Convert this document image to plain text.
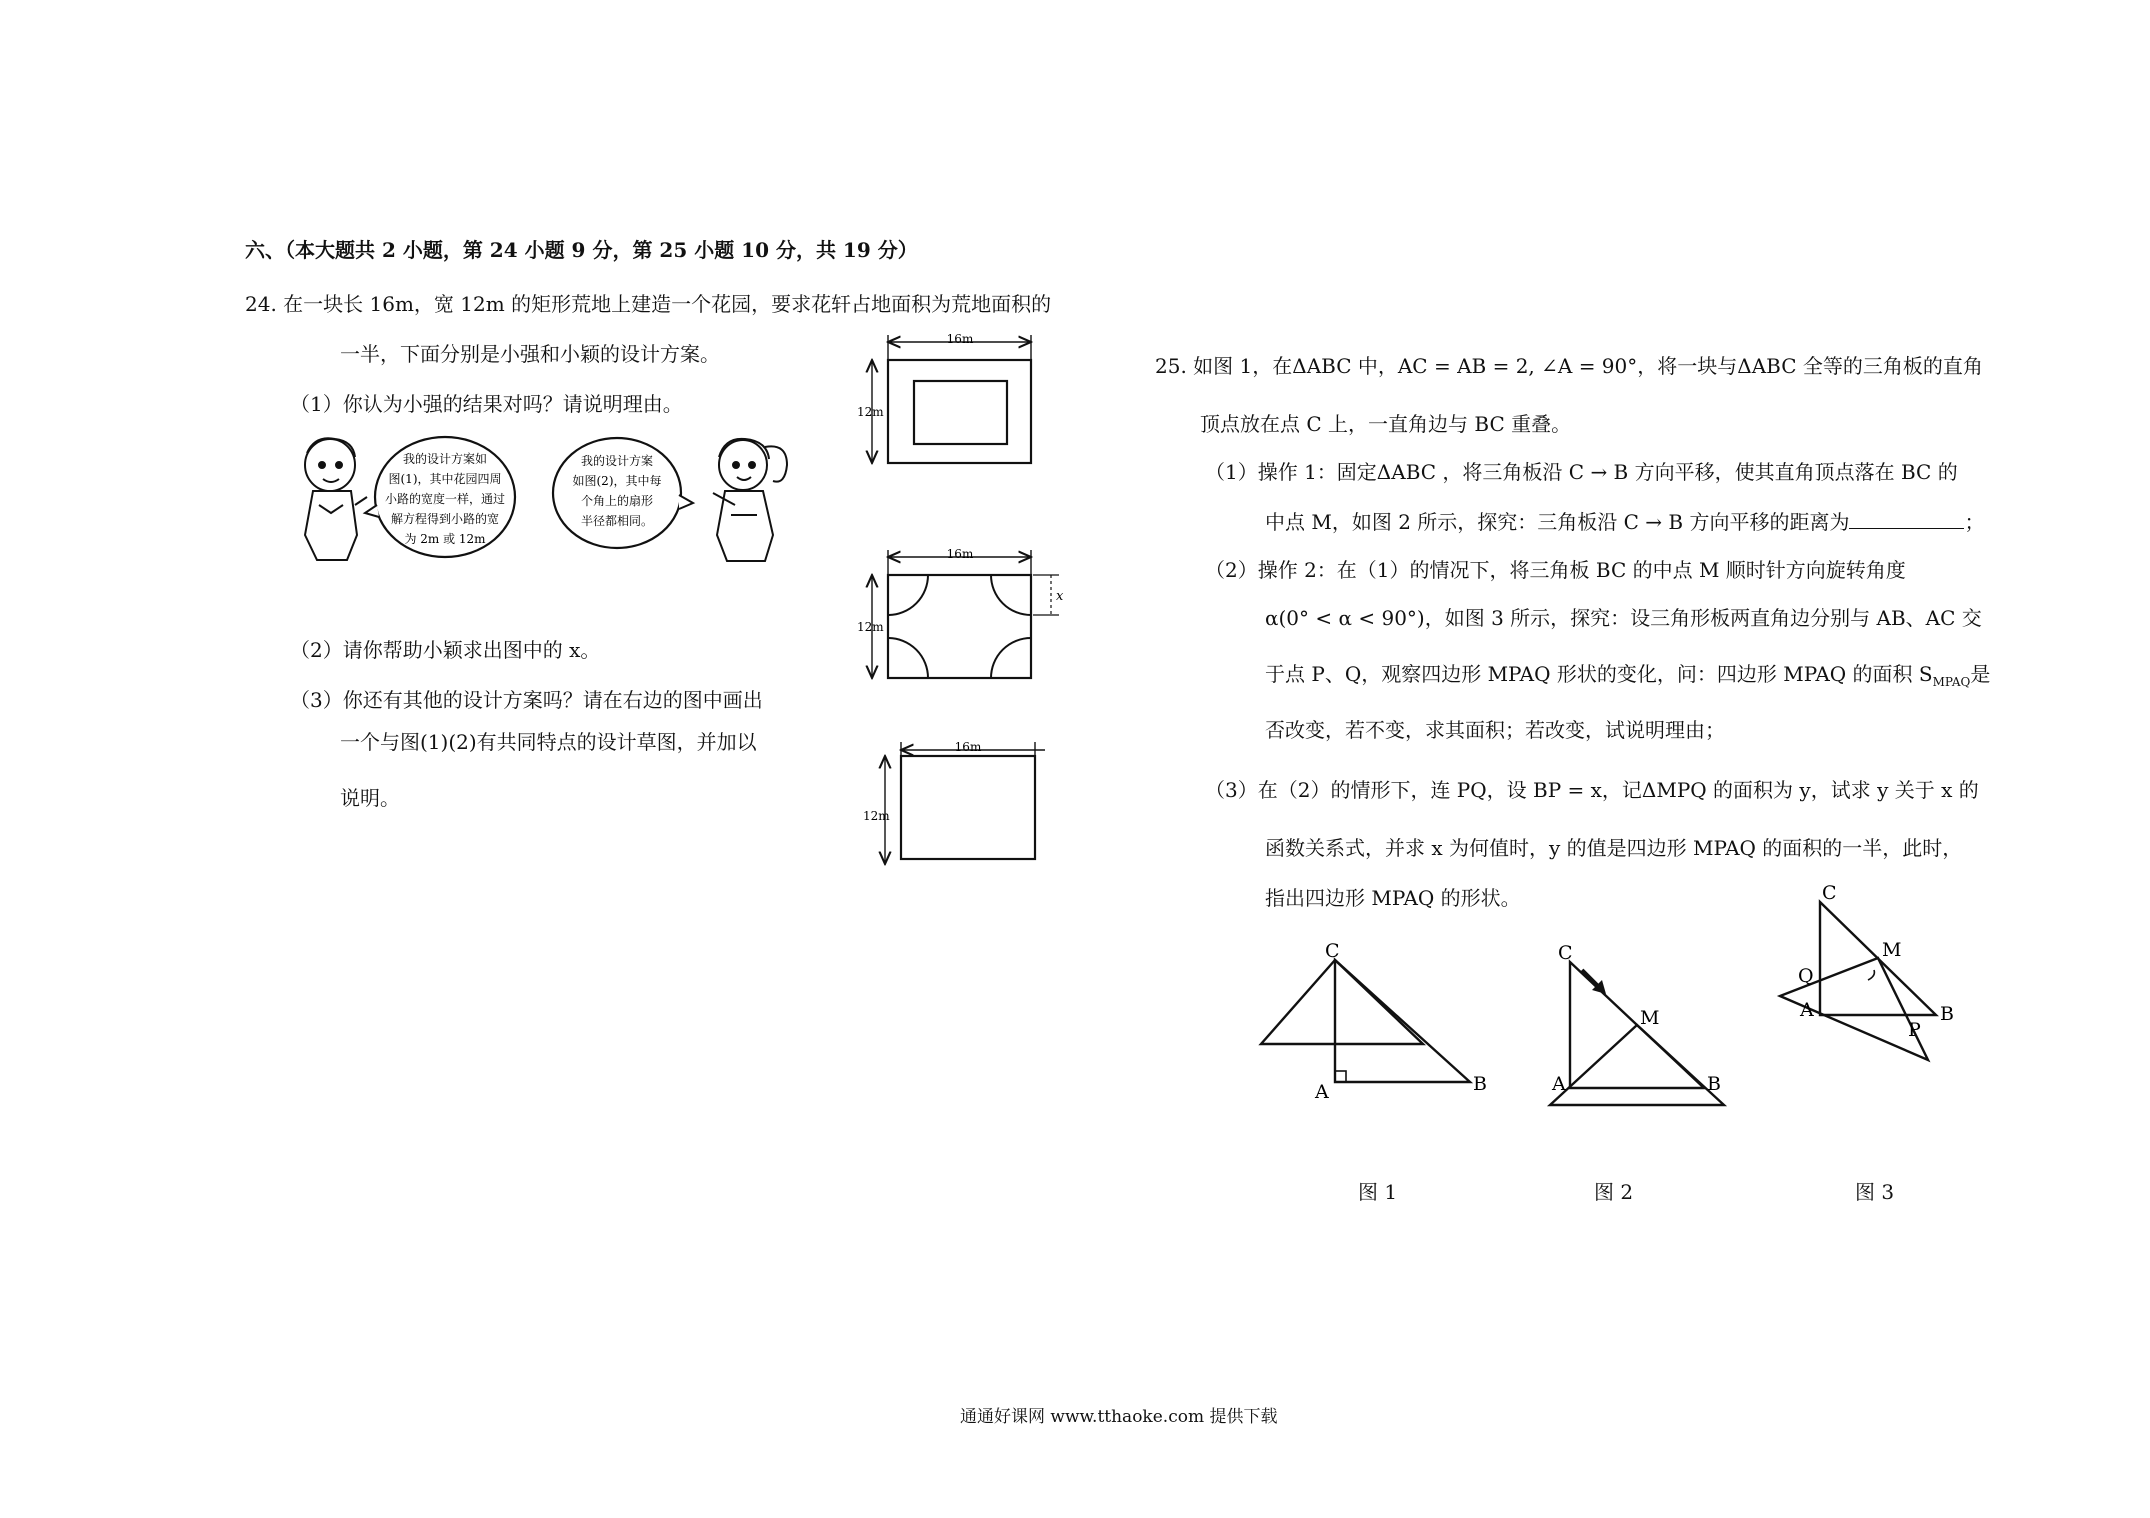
六、（本大题共 2 小题，第 24 小题 9 分，第 25 小题 10 分，共 19 分）
24. 在一块长 16m，宽 12m 的矩形荒地上建造一个花园，要求花轩占地面积为荒地面积的
一半，下面分别是小强和小颖的设计方案。
（1）你认为小强的结果对吗？请说明理由。
（2）请你帮助小颖求出图中的 x。
（3）你还有其他的设计方案吗？请在右边的图中画出
一个与图(1)(2)有共同特点的设计草图，并加以
说明。
我的设计方案如
图(1)，其中花园四周
小路的宽度一样，通过
解方程得到小路的宽
为 2m 或 12m
我的设计方案
如图(2)，其中每
个角上的扇形
半径都相同。
16m
12m
16m
12m
x
16m
12m
25. 如图 1，在ΔABC 中，AC = AB = 2, ∠A = 90°，将一块与ΔABC 全等的三角板的直角
顶点放在点 C 上，一直角边与 BC 重叠。
（1）操作 1：固定ΔABC ，将三角板沿 C → B 方向平移，使其直角顶点落在 BC 的
中点 M，如图 2 所示，探究：三角板沿 C → B 方向平移的距离为	；
（2）操作 2：在（1）的情况下，将三角板 BC 的中点 M 顺时针方向旋转角度
α(0° < α < 90°)，如图 3 所示，探究：设三角形板两直角边分别与 AB、AC 交
于点 P、Q，观察四边形 MPAQ 形状的变化，问：四边形 MPAQ 的面积 $S_{MPAQ}$是
否改变，若不变，求其面积；若改变，试说明理由；
（3）在（2）的情形下，连 PQ，设 BP = x，记ΔMPQ 的面积为 y，试求 y 关于 x 的
函数关系式，并求 x 为何值时，y 的值是四边形 MPAQ 的面积的一半，此时，
指出四边形 MPAQ 的形状。
C
A	B
C
A	B
M
C
A	B
M
Q
P
图 1	图 2	图 3
通通好课网 www.tthaoke.com 提供下载
